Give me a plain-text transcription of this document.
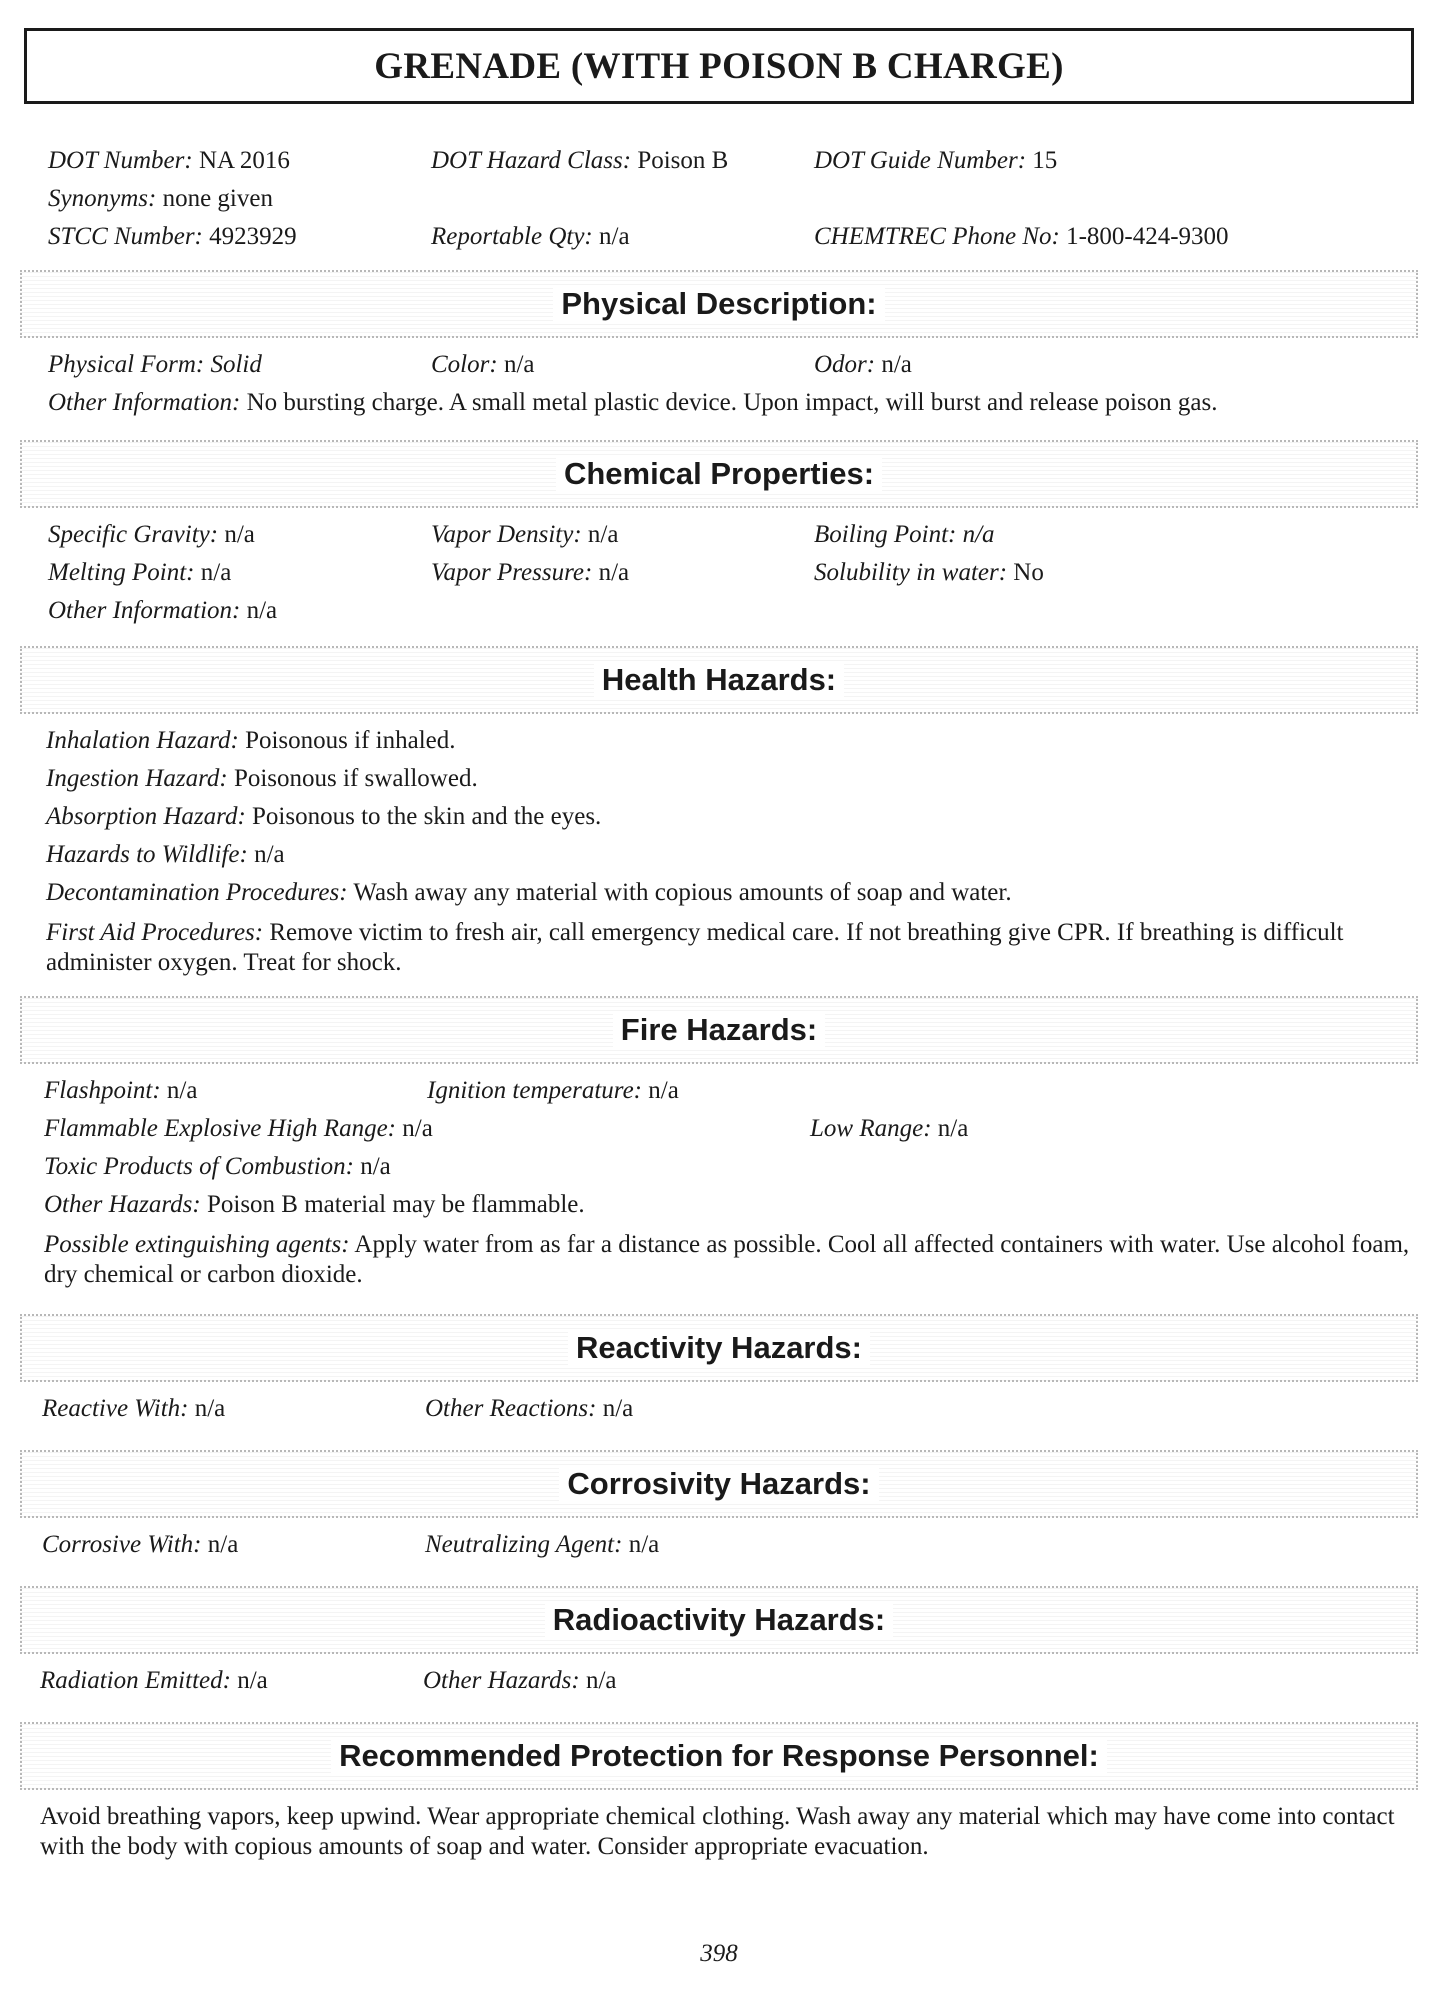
GRENADE (WITH POISON B CHARGE)
DOT Number: NA 2016	DOT Hazard Class: Poison B	DOT Guide Number: 15
Synonyms: none given
STCC Number: 4923929	Reportable Qty: n/a	CHEMTREC Phone No: 1-800-424-9300
Physical Description:
Physical Form: Solid	Color: n/a	Odor: n/a
Other Information: No bursting charge. A small metal plastic device. Upon impact, will burst and release poison gas.
Chemical Properties:
Specific Gravity: n/a	Vapor Density: n/a	Boiling Point: n/a
Melting Point: n/a	Vapor Pressure: n/a	Solubility in water: No
Other Information: n/a
Health Hazards:
Inhalation Hazard: Poisonous if inhaled.
Ingestion Hazard: Poisonous if swallowed.
Absorption Hazard: Poisonous to the skin and the eyes.
Hazards to Wildlife: n/a
Decontamination Procedures: Wash away any material with copious amounts of soap and water.
First Aid Procedures: Remove victim to fresh air, call emergency medical care. If not breathing give CPR. If breathing is difficult administer oxygen. Treat for shock.
Fire Hazards:
Flashpoint: n/a	Ignition temperature: n/a
Flammable Explosive High Range: n/a	Low Range: n/a
Toxic Products of Combustion: n/a
Other Hazards: Poison B material may be flammable.
Possible extinguishing agents: Apply water from as far a distance as possible. Cool all affected containers with water. Use alcohol foam, dry chemical or carbon dioxide.
Reactivity Hazards:
Reactive With: n/a	Other Reactions: n/a
Corrosivity Hazards:
Corrosive With: n/a	Neutralizing Agent: n/a
Radioactivity Hazards:
Radiation Emitted: n/a	Other Hazards: n/a
Recommended Protection for Response Personnel:
Avoid breathing vapors, keep upwind. Wear appropriate chemical clothing. Wash away any material which may have come into contact with the body with copious amounts of soap and water. Consider appropriate evacuation.
398
